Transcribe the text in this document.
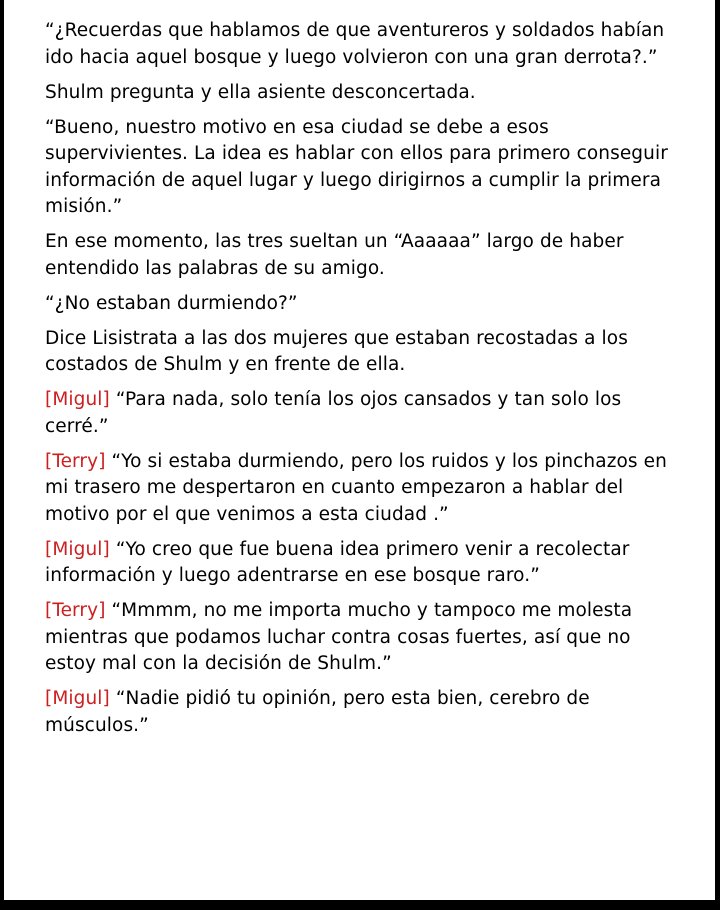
“¿Recuerdas que hablamos de que aventureros y soldados habían ido hacia aquel bosque y luego volvieron con una gran derrota?.”

Shulm pregunta y ella asiente desconcertada.

“Bueno, nuestro motivo en esa ciudad se debe a esos supervivientes. La idea es hablar con ellos para primero conseguir información de aquel lugar y luego dirigirnos a cumplir la primera misión.”

En ese momento, las tres sueltan un “Aaaaaa” largo de haber entendido las palabras de su amigo.

“¿No estaban durmiendo?”

Dice Lisistrata a las dos mujeres que estaban recostadas a los costados de Shulm y en frente de ella.

[Migul] “Para nada, solo tenía los ojos cansados y tan solo los cerré.”

[Terry] “Yo si estaba durmiendo, pero los ruidos y los pinchazos en mi trasero me despertaron en cuanto empezaron a hablar del motivo por el que venimos a esta ciudad .”

[Migul] “Yo creo que fue buena idea primero venir a recolectar información y luego adentrarse en ese bosque raro.”

[Terry] “Mmmm, no me importa mucho y tampoco me molesta mientras que podamos luchar contra cosas fuertes, así que no estoy mal con la decisión de Shulm.”

[Migul] “Nadie pidió tu opinión, pero esta bien, cerebro de músculos.”
